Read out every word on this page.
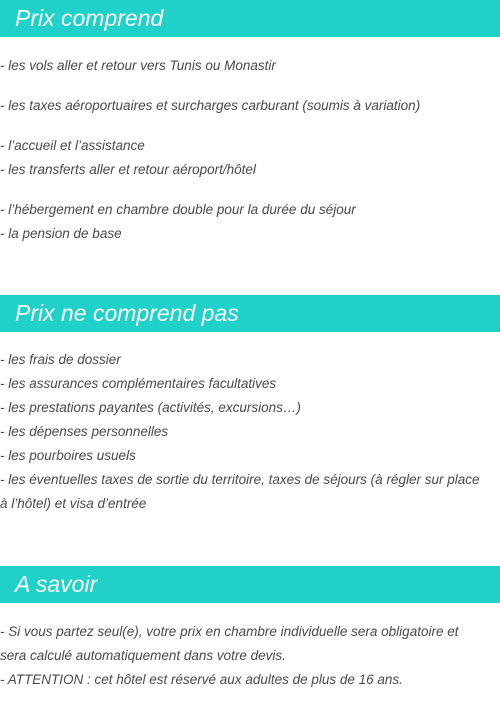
Prix comprend
- les vols aller et retour vers Tunis ou Monastir
- les taxes aéroportuaires et surcharges carburant (soumis à variation)
- l’accueil et l’assistance
- les transferts aller et retour aéroport/hôtel
- l’hébergement en chambre double pour la durée du séjour
- la pension de base
Prix ne comprend pas
- les frais de dossier
- les assurances complémentaires facultatives
- les prestations payantes (activités, excursions…)
- les dépenses personnelles
- les pourboires usuels
- les éventuelles taxes de sortie du territoire, taxes de séjours (à régler sur place
à l’hôtel) et visa d’entrée
A savoir
- Si vous partez seul(e), votre prix en chambre individuelle sera obligatoire et
sera calculé automatiquement dans votre devis.
- ATTENTION : cet hôtel est réservé aux adultes de plus de 16 ans.
